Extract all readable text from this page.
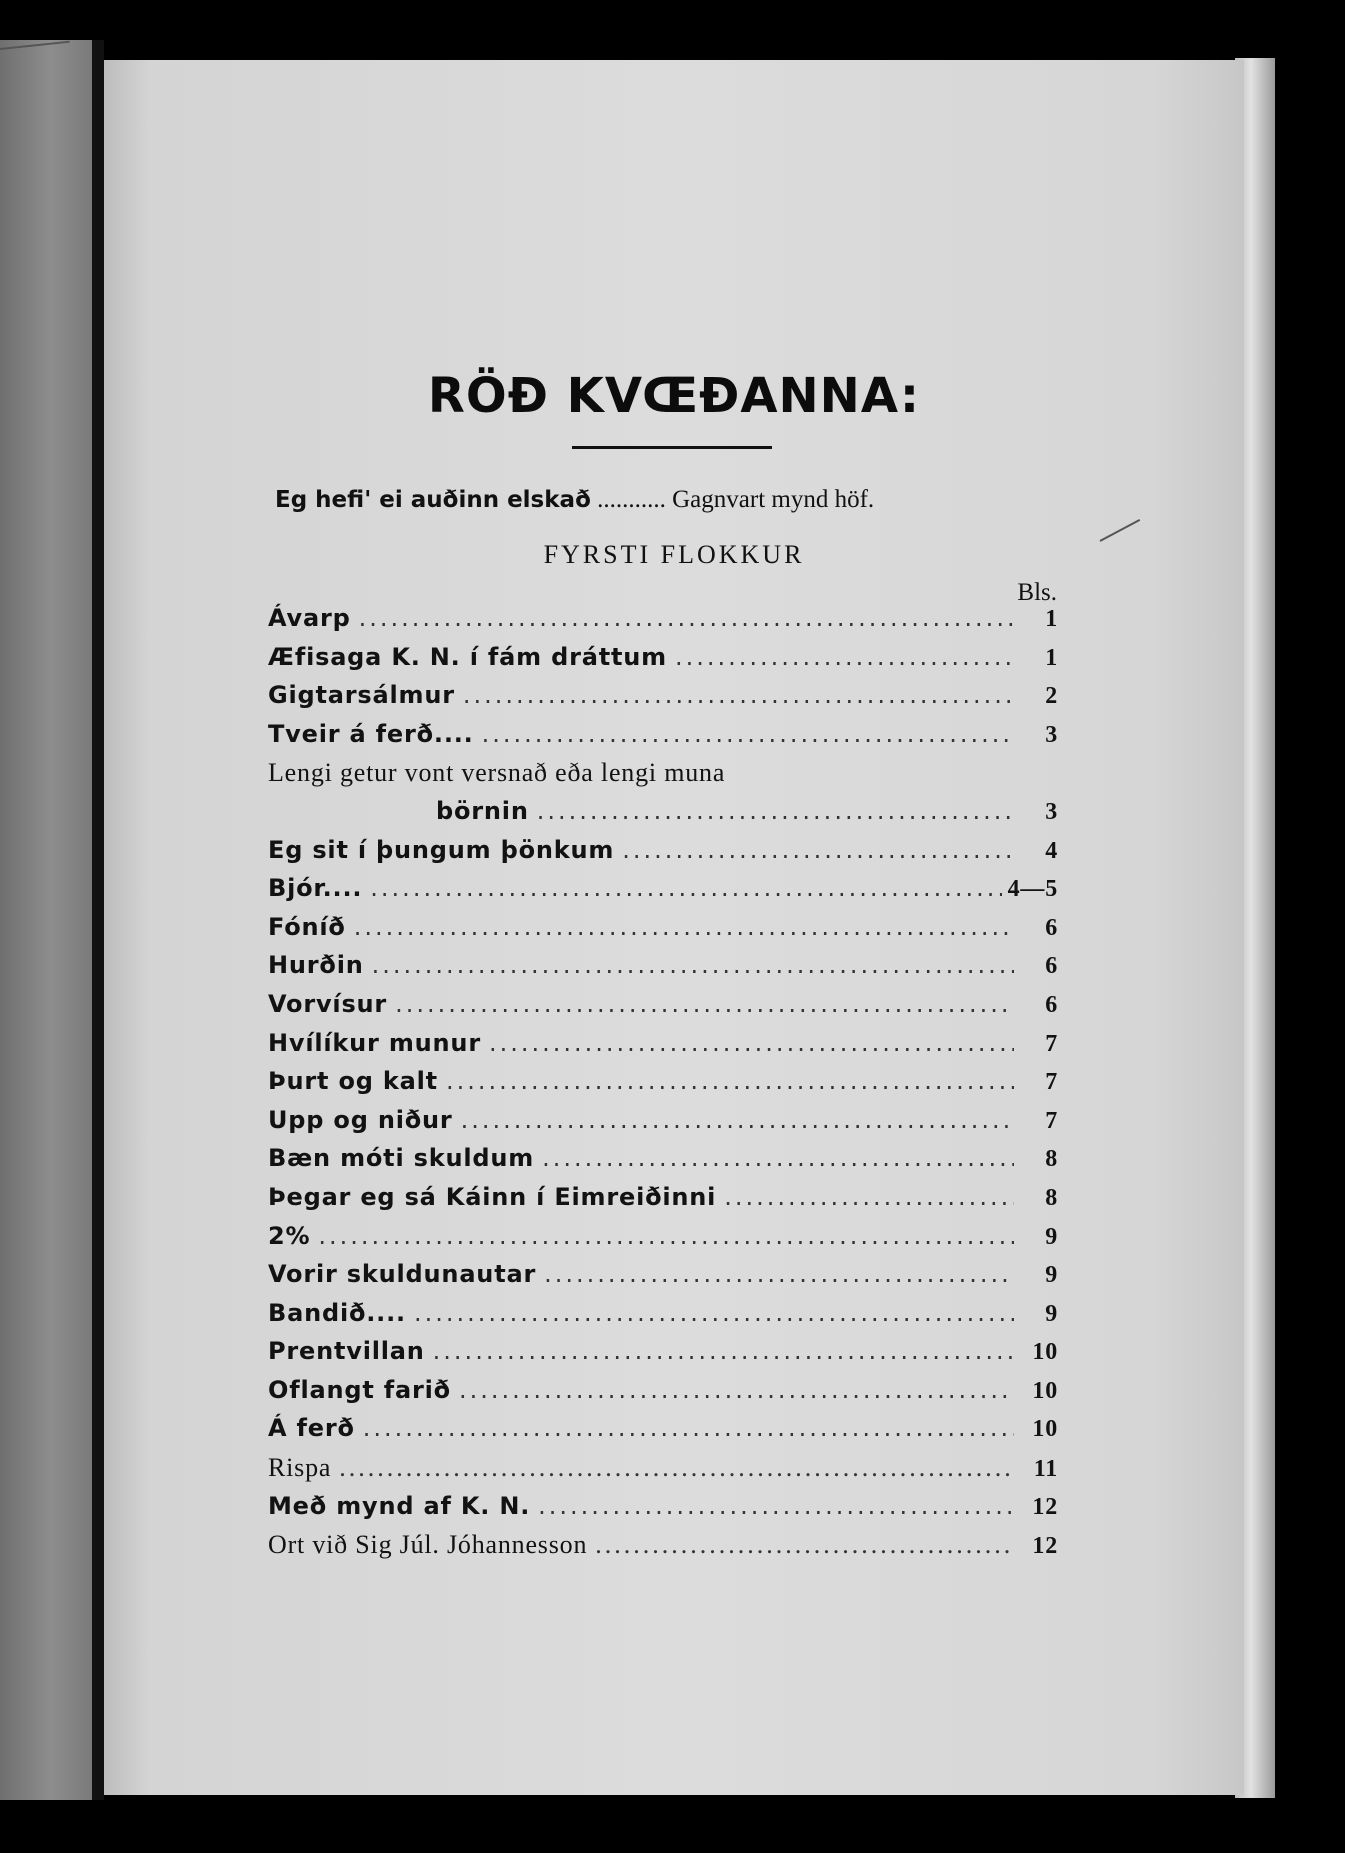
RÖÐ KVŒÐANNA:
Eg hefi' ei auðinn elskað ........... Gagnvart mynd höf.
FYRSTI FLOKKUR
Bls.
Ávarp .....	1
Æfisaga K. N. í fám dráttum .....	1
Gigtarsálmur .....	2
Tveir á ferð.... .....	3
Lengi getur vont versnað eða lengi muna
börnin .....	3
Eg sit í þungum þönkum .....	4
Bjór.... .....	4—5
Fóníð .....	6
Hurðin .....	6
Vorvísur .....	6
Hvílíkur munur .....	7
Þurt og kalt .....	7
Upp og niður .....	7
Bæn móti skuldum .....	8
Þegar eg sá Káinn í Eimreiðinni .....	8
2% .....	9
Vorir skuldunautar .....	9
Bandið.... .....	9
Prentvillan .....	10
Oflangt farið .....	10
Á ferð .....	10
Rispa .....	11
Með mynd af K. N. .....	12
Ort við Sig Júl. Jóhannesson .....	12
